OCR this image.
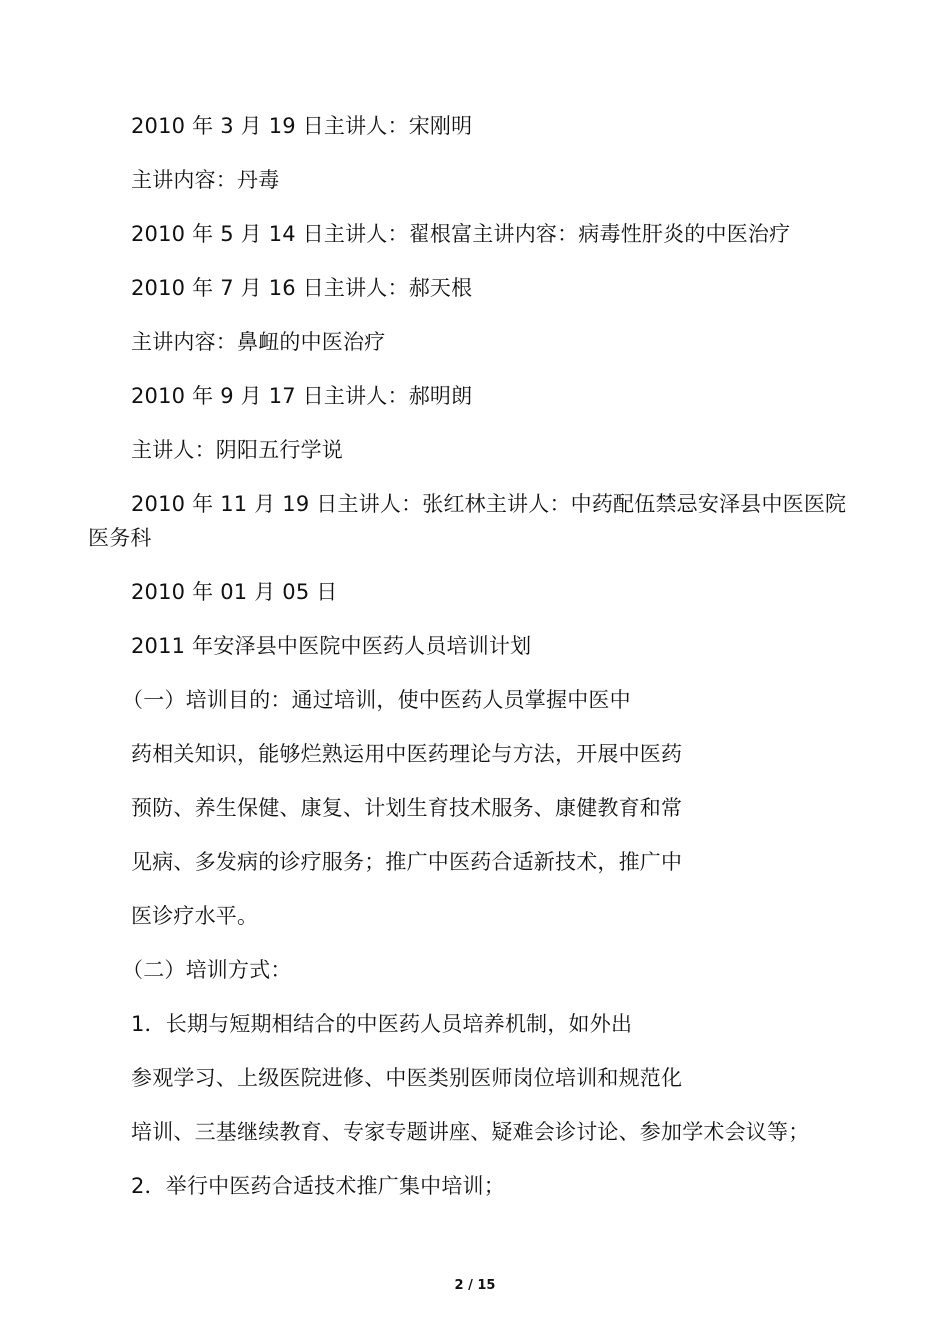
2010 年 3 月 19 日主讲人：宋刚明
主讲内容：丹毒
2010 年 5 月 14 日主讲人：翟根富主讲内容：病毒性肝炎的中医治疗
2010 年 7 月 16 日主讲人：郝天根
主讲内容：鼻衄的中医治疗
2010 年 9 月 17 日主讲人：郝明朗
主讲人：阴阳五行学说
2010 年 11 月 19 日主讲人：张红林主讲人：中药配伍禁忌安泽县中医医院
医务科
2010 年 01 月 05 日
2011 年安泽县中医院中医药人员培训计划
（一）培训目的：通过培训，使中医药人员掌握中医中
药相关知识，能够烂熟运用中医药理论与方法，开展中医药
预防、养生保健、康复、计划生育技术服务、康健教育和常
见病、多发病的诊疗服务；推广中医药合适新技术，推广中
医诊疗水平。
（二）培训方式：
1．长期与短期相结合的中医药人员培养机制，如外出
参观学习、上级医院进修、中医类别医师岗位培训和规范化
培训、三基继续教育、专家专题讲座、疑难会诊讨论、参加学术会议等；
2．举行中医药合适技术推广集中培训；
2 / 15
